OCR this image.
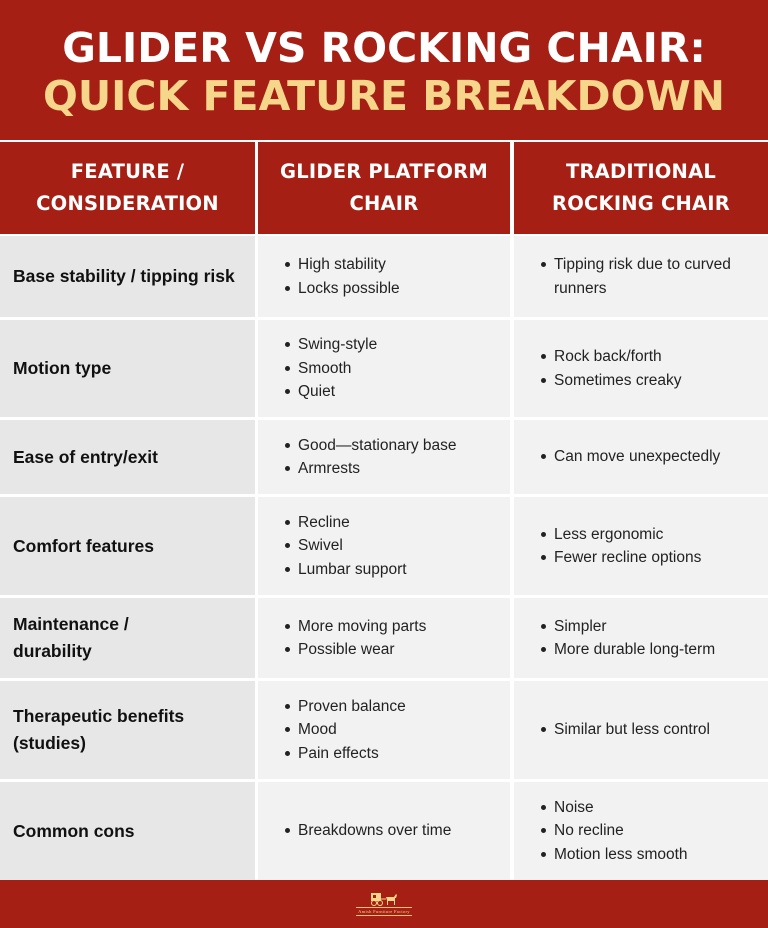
GLIDER VS ROCKING CHAIR:
QUICK FEATURE BREAKDOWN
FEATURE /
CONSIDERATION
GLIDER PLATFORM
CHAIR
TRADITIONAL
ROCKING CHAIR
Base stability / tipping risk
High stability
Locks possible
Tipping risk due to curved runners
Motion type
Swing-style
Smooth
Quiet
Rock back/forth
Sometimes creaky
Ease of entry/exit
Good—stationary base
Armrests
Can move unexpectedly
Comfort features
Recline
Swivel
Lumbar support
Less ergonomic
Fewer recline options
Maintenance / durability
More moving parts
Possible wear
Simpler
More durable long-term
Therapeutic benefits (studies)
Proven balance
Mood
Pain effects
Similar but less control
Common cons	Breakdowns over time
Noise
No recline
Motion less smooth
Amish Furniture Factory
